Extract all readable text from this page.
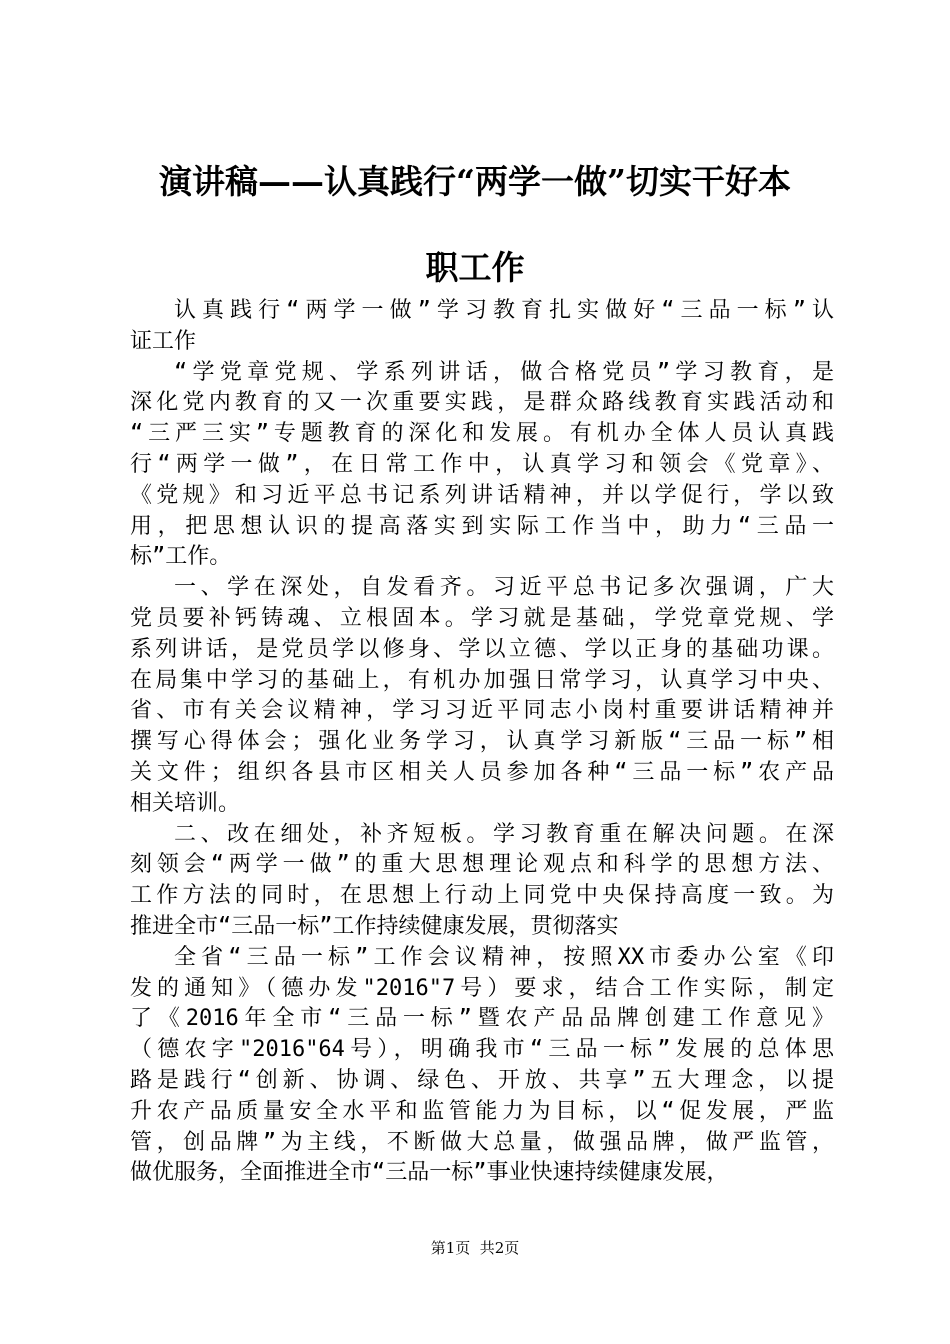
演讲稿——认真践行“两学一做”切实干好本
职工作
认真践行“两学一做”学习教育扎实做好“三品一标”认
证工作
“学党章党规、学系列讲话，做合格党员”学习教育，是
深化党内教育的又一次重要实践，是群众路线教育实践活动和
“三严三实”专题教育的深化和发展。有机办全体人员认真践
行“两学一做”，在日常工作中，认真学习和领会《党章》、
《党规》和习近平总书记系列讲话精神，并以学促行，学以致
用，把思想认识的提高落实到实际工作当中，助力“三品一
标”工作。
一、学在深处，自发看齐。习近平总书记多次强调，广大
党员要补钙铸魂、立根固本。学习就是基础，学党章党规、学
系列讲话，是党员学以修身、学以立德、学以正身的基础功课。
在局集中学习的基础上，有机办加强日常学习，认真学习中央、
省、市有关会议精神，学习习近平同志小岗村重要讲话精神并
撰写心得体会；强化业务学习，认真学习新版“三品一标”相
关文件；组织各县市区相关人员参加各种“三品一标”农产品
相关培训。
二、改在细处，补齐短板。学习教育重在解决问题。在深
刻领会“两学一做”的重大思想理论观点和科学的思想方法、
工作方法的同时，在思想上行动上同党中央保持高度一致。为
推进全市“三品一标”工作持续健康发展，贯彻落实
全省“三品一标”工作会议精神，按照XX市委办公室《印
发的通知》（德办发"2016"7号）要求，结合工作实际，制定
了《2016年全市“三品一标”暨农产品品牌创建工作意见》
（德农字"2016"64号），明确我市“三品一标”发展的总体思
路是践行“创新、协调、绿色、开放、共享”五大理念，以提
升农产品质量安全水平和监管能力为目标，以“促发展，严监
管，创品牌”为主线，不断做大总量，做强品牌，做严监管，
做优服务，全面推进全市“三品一标”事业快速持续健康发展，
第1页  共2页
